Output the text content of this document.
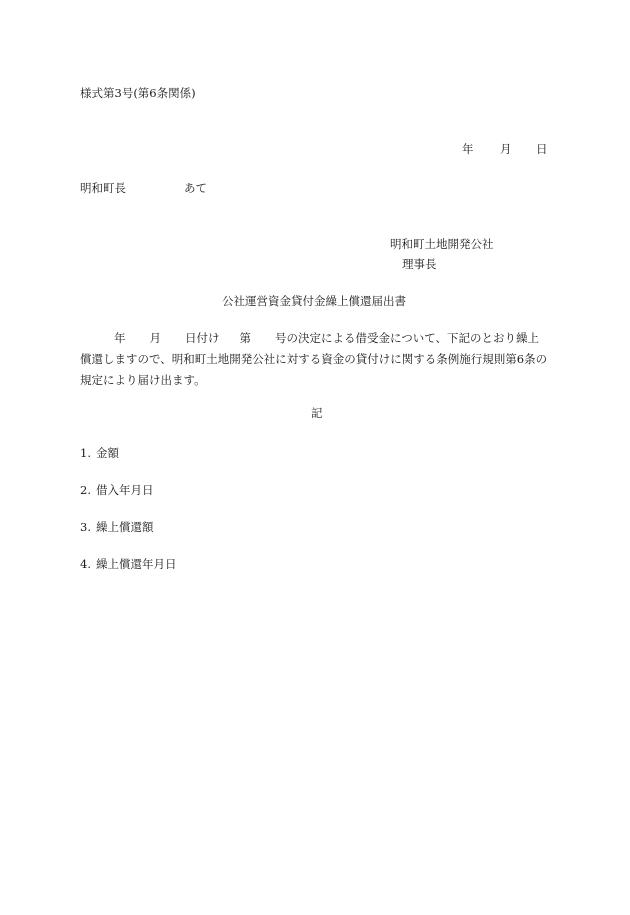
様式第3号(第6条関係)
年 月 日
明和町長	あて
明和町土地開発公社
理事長
公社運営資金貸付金繰上償還届出書
年 月 日付け 第 号の決定による借受金について、下記のとおり繰上
償還しますので、明和町土地開発公社に対する資金の貸付けに関する条例施行規則第6条の
規定により届け出ます。
記
1. 金額
2. 借入年月日
3. 繰上償還額
4. 繰上償還年月日
